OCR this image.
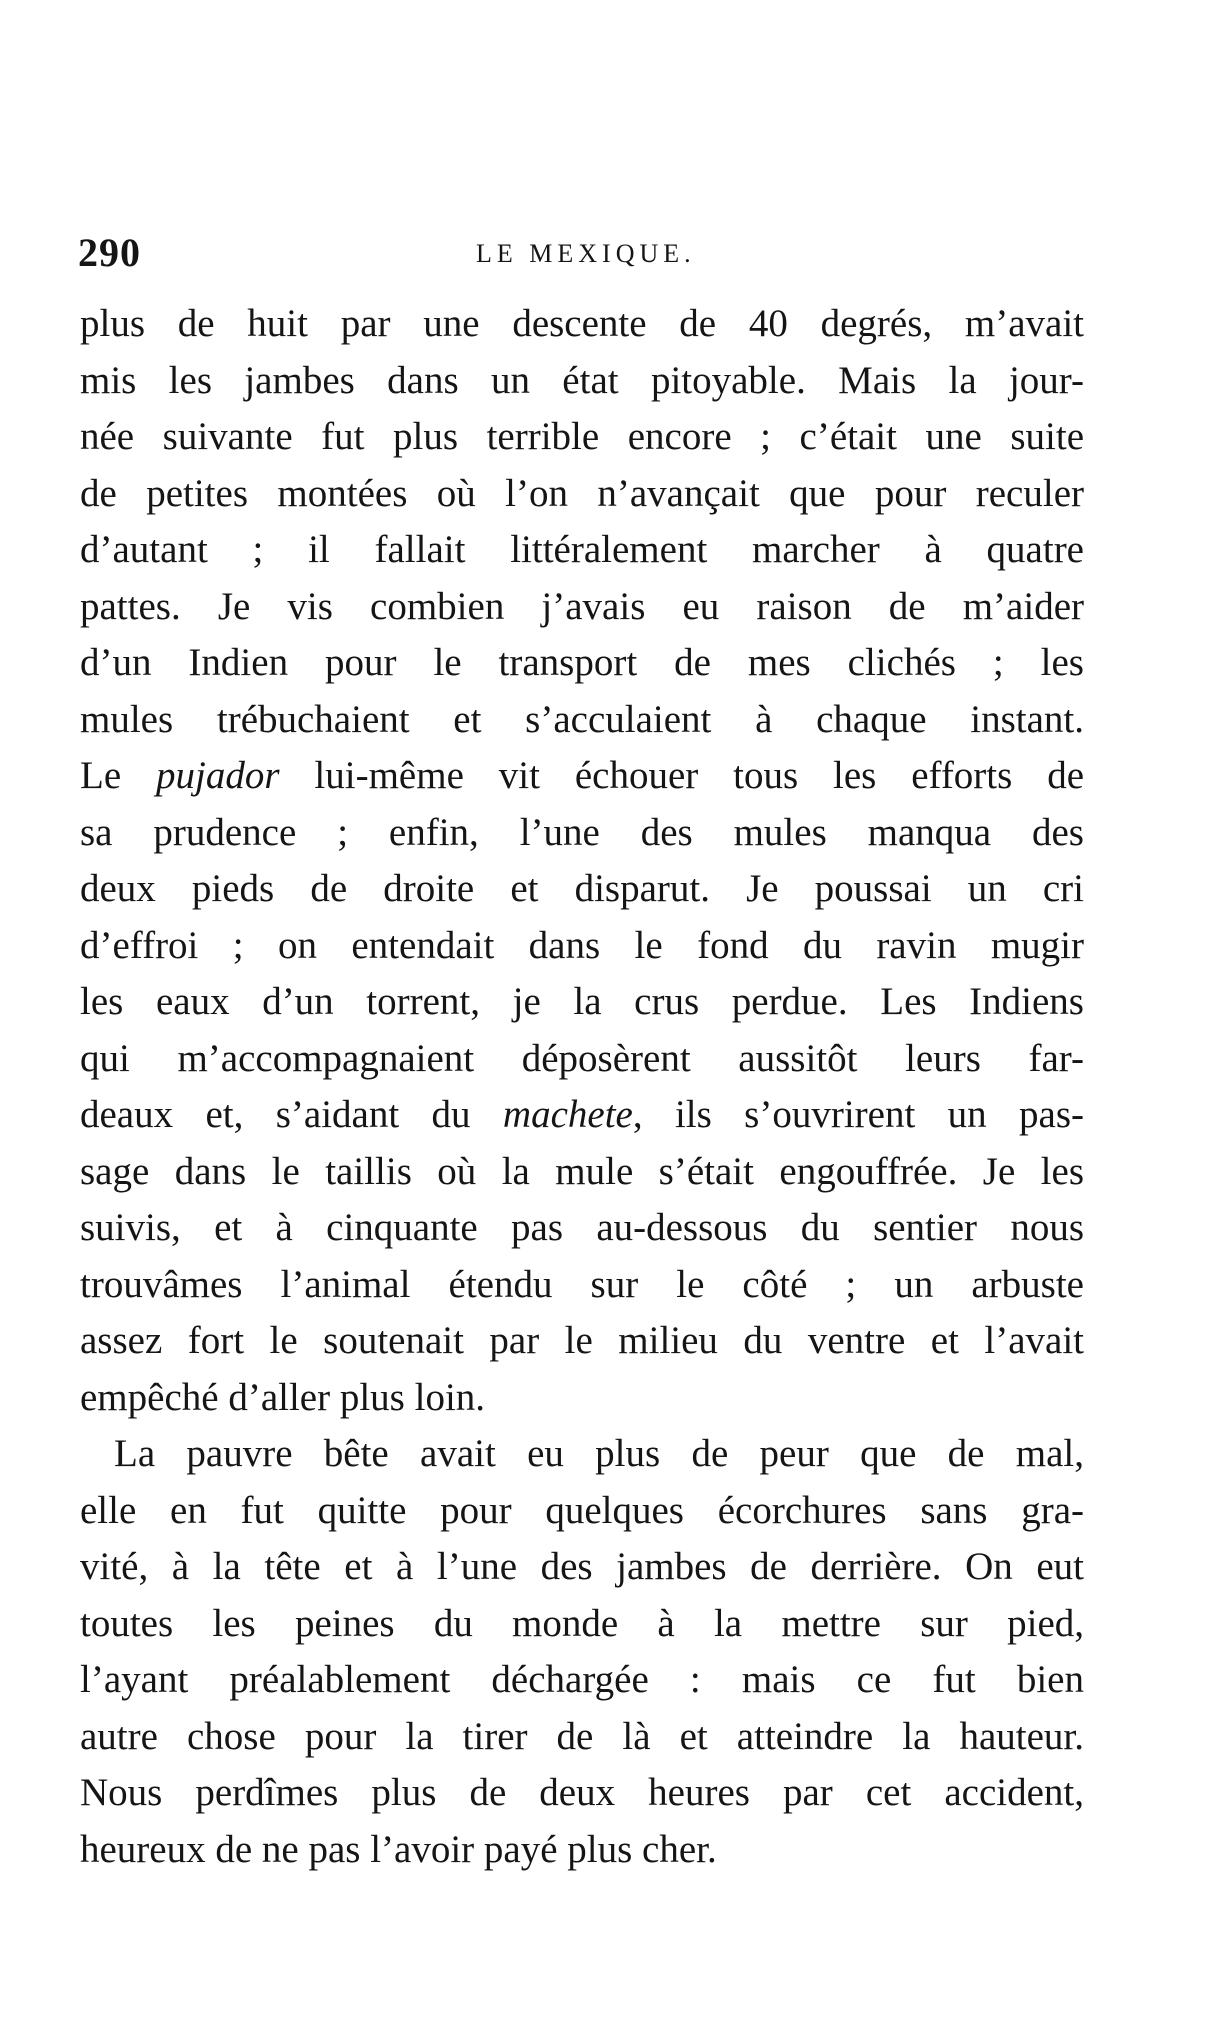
290	LE MEXIQUE.
plus de huit par une descente de 40 degrés, m’avait
mis les jambes dans un état pitoyable. Mais la jour-
née suivante fut plus terrible encore ; c’était une suite
de petites montées où l’on n’avançait que pour reculer
d’autant ; il fallait littéralement marcher à quatre
pattes. Je vis combien j’avais eu raison de m’aider
d’un Indien pour le transport de mes clichés ; les
mules trébuchaient et s’acculaient à chaque instant.
Le pujador lui-même vit échouer tous les efforts de
sa prudence ; enfin, l’une des mules manqua des
deux pieds de droite et disparut. Je poussai un cri
d’effroi ; on entendait dans le fond du ravin mugir
les eaux d’un torrent, je la crus perdue. Les Indiens
qui m’accompagnaient déposèrent aussitôt leurs far-
deaux et, s’aidant du machete, ils s’ouvrirent un pas-
sage dans le taillis où la mule s’était engouffrée. Je les
suivis, et à cinquante pas au-dessous du sentier nous
trouvâmes l’animal étendu sur le côté ; un arbuste
assez fort le soutenait par le milieu du ventre et l’avait
empêché d’aller plus loin.
La pauvre bête avait eu plus de peur que de mal,
elle en fut quitte pour quelques écorchures sans gra-
vité, à la tête et à l’une des jambes de derrière. On eut
toutes les peines du monde à la mettre sur pied,
l’ayant préalablement déchargée : mais ce fut bien
autre chose pour la tirer de là et atteindre la hauteur.
Nous perdîmes plus de deux heures par cet accident,
heureux de ne pas l’avoir payé plus cher.
